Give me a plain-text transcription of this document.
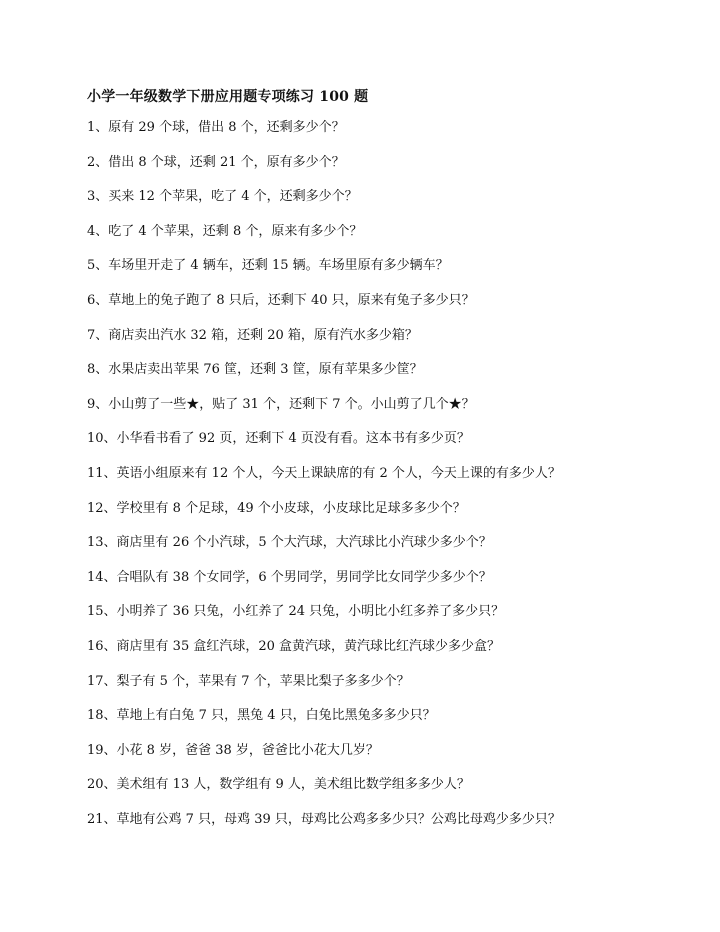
小学一年级数学下册应用题专项练习 100 题
1、原有 29 个球，借出 8 个，还剩多少个？
2、借出 8 个球，还剩 21 个，原有多少个？
3、买来 12 个苹果，吃了 4 个，还剩多少个？
4、吃了 4 个苹果，还剩 8 个，原来有多少个？
5、车场里开走了 4 辆车，还剩 15 辆。车场里原有多少辆车？
6、草地上的兔子跑了 8 只后，还剩下 40 只，原来有兔子多少只？
7、商店卖出汽水 32 箱，还剩 20 箱，原有汽水多少箱？
8、水果店卖出苹果 76 筐，还剩 3 筐，原有苹果多少筐？
9、小山剪了一些★，贴了 31 个，还剩下 7 个。小山剪了几个★？
10、小华看书看了 92 页，还剩下 4 页没有看。这本书有多少页？
11、英语小组原来有 12 个人，今天上课缺席的有 2 个人，今天上课的有多少人？
12、学校里有 8 个足球，49 个小皮球，小皮球比足球多多少个？
13、商店里有 26 个小汽球，5 个大汽球，大汽球比小汽球少多少个？
14、合唱队有 38 个女同学，6 个男同学，男同学比女同学少多少个？
15、小明养了 36 只兔，小红养了 24 只兔，小明比小红多养了多少只？
16、商店里有 35 盒红汽球，20 盒黄汽球，黄汽球比红汽球少多少盒？
17、梨子有 5 个，苹果有 7 个，苹果比梨子多多少个？
18、草地上有白兔 7 只，黑兔 4 只，白兔比黑兔多多少只？
19、小花 8 岁，爸爸 38 岁，爸爸比小花大几岁？
20、美术组有 13 人，数学组有 9 人，美术组比数学组多多少人？
21、草地有公鸡 7 只，母鸡 39 只，母鸡比公鸡多多少只？公鸡比母鸡少多少只？
